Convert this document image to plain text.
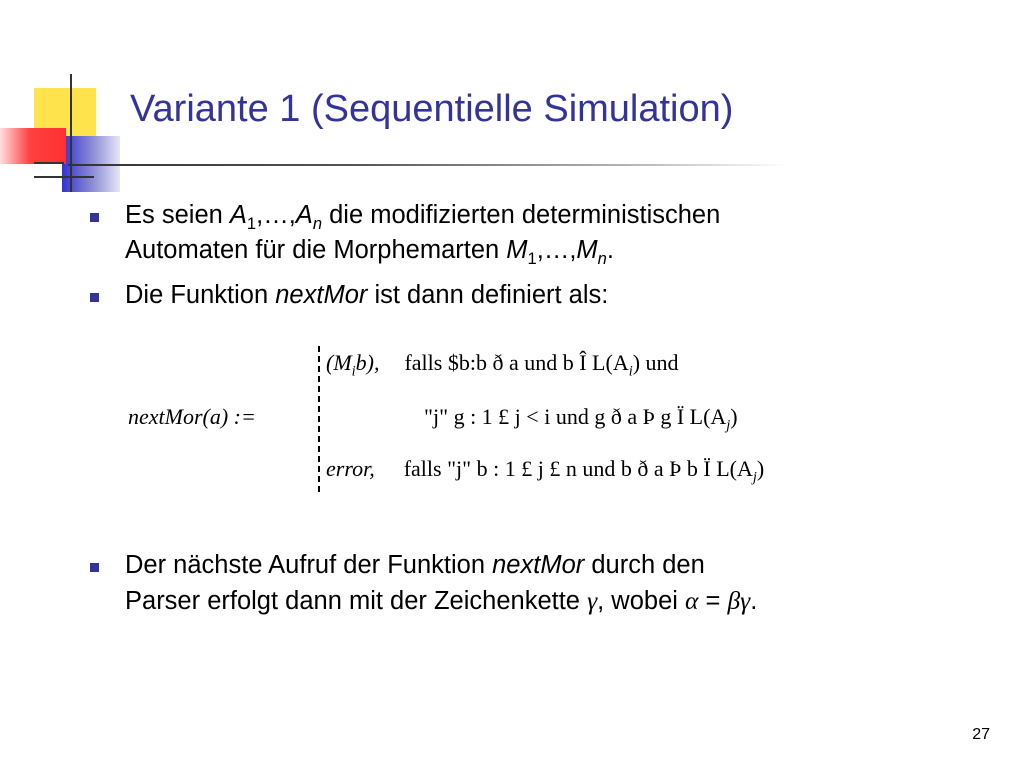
Variante 1 (Sequentielle Simulation)
Es seien $A_1,\dots,A_n$ die modifizierten deterministischen
Automaten für die Morphemarten $M_1,\dots,M_n$.
Die Funktion nextMor ist dann definiert als:
nextMor(a) :=
$(M_ib)$, falls $b:b ð a und b Î $L(A_i)$ und
"j" g : 1 £ j < i und g ð a Þ g Ï $L(A_j)$
error, falls "j" b : 1 £ j £ n und b ð a Þ b Ï $L(A_j)$
Der nächste Aufruf der Funktion nextMor durch den
Parser erfolgt dann mit der Zeichenkette γ, wobei α = βγ.
27
